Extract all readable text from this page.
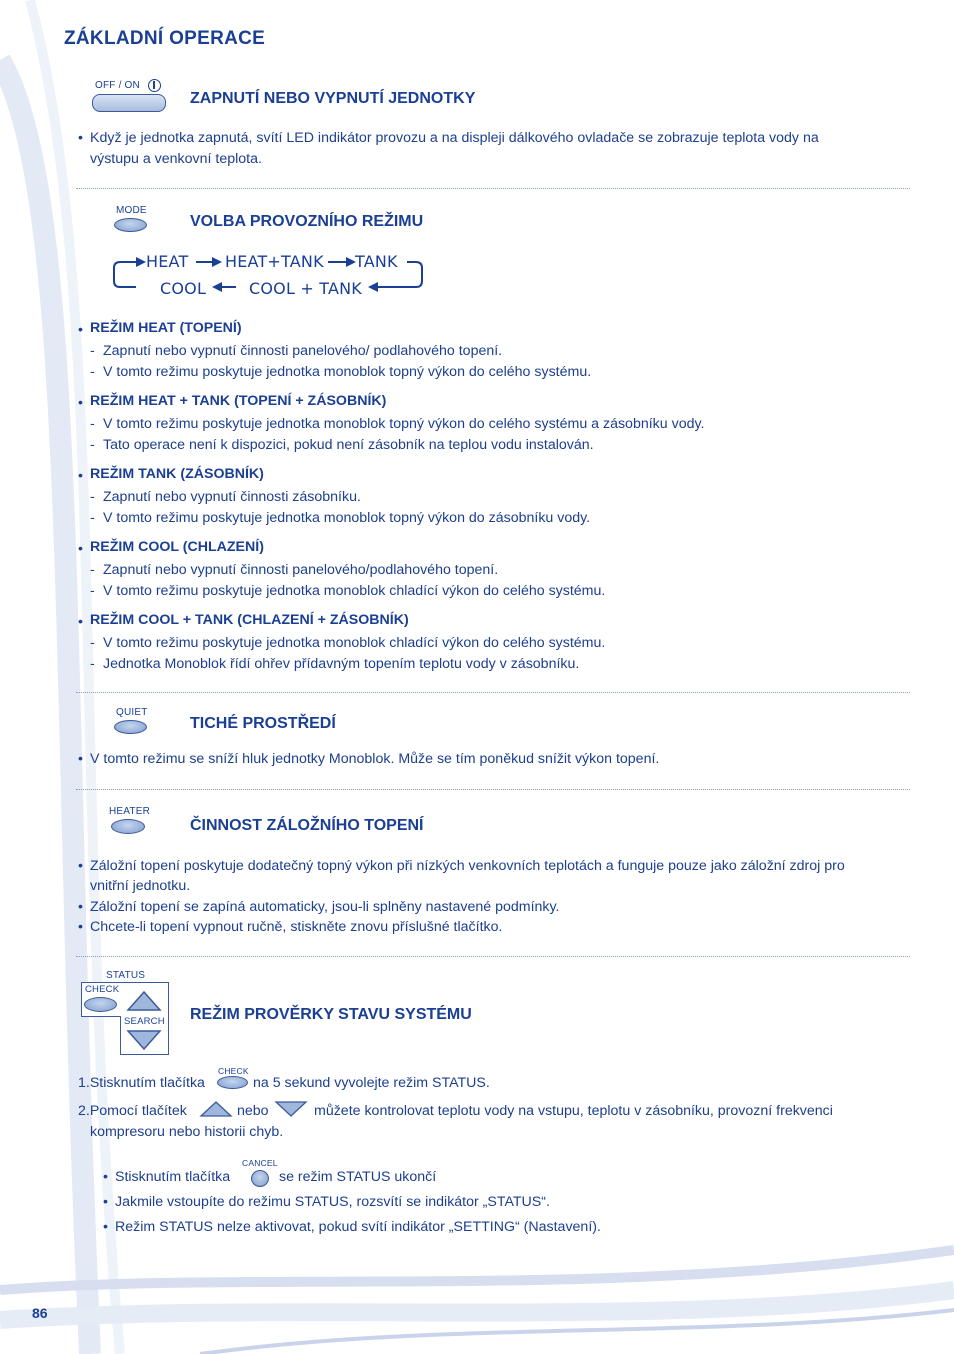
ZÁKLADNÍ OPERACE
OFF / ON
ZAPNUTÍ NEBO VYPNUTÍ JEDNOTKY
• Když je jednotka zapnutá, svítí LED indikátor provozu a na displeji dálkového ovladače se zobrazuje teplota vody na
výstupu a venkovní teplota.
MODE
VOLBA PROVOZNÍHO REŽIMU
HEAT HEAT+TANK TANK
COOL + TANK
COOL
• REŽIM HEAT (TOPENÍ)
- Zapnutí nebo vypnutí činnosti panelového/ podlahového topení.
- V tomto režimu poskytuje jednotka monoblok topný výkon do celého systému.
• REŽIM HEAT + TANK (TOPENÍ + ZÁSOBNÍK)
- V tomto režimu poskytuje jednotka monoblok topný výkon do celého systému a zásobníku vody.
- Tato operace není k dispozici, pokud není zásobník na teplou vodu instalován.
• REŽIM TANK (ZÁSOBNÍK)
- Zapnutí nebo vypnutí činnosti zásobníku.
- V tomto režimu poskytuje jednotka monoblok topný výkon do zásobníku vody.
• REŽIM COOL (CHLAZENÍ)
- Zapnutí nebo vypnutí činnosti panelového/podlahového topení.
- V tomto režimu poskytuje jednotka monoblok chladící výkon do celého systému.
• REŽIM COOL + TANK (CHLAZENÍ + ZÁSOBNÍK)
- V tomto režimu poskytuje jednotka monoblok chladící výkon do celého systému.
- Jednotka Monoblok řídí ohřev přídavným topením teplotu vody v zásobníku.
QUIET
TICHÉ PROSTŘEDÍ
• V tomto režimu se sníží hluk jednotky Monoblok. Může se tím poněkud snížit výkon topení.
HEATER
ČINNOST ZÁLOŽNÍHO TOPENÍ
• Záložní topení poskytuje dodatečný topný výkon při nízkých venkovních teplotách a funguje pouze jako záložní zdroj pro
vnitřní jednotku.
• Záložní topení se zapíná automaticky, jsou-li splněny nastavené podmínky.
• Chcete-li topení vypnout ručně, stiskněte znovu příslušné tlačítko.
STATUS
CHECK
SEARCH REŽIM PROVĚRKY STAVU SYSTÉMU
1.Stisknutím tlačítka
CHECK
na 5 sekund vyvolejte režim STATUS.
2.Pomocí tlačítek	nebo	můžete kontrolovat teplotu vody na vstupu, teplotu v zásobníku, provozní frekvenci
kompresoru nebo historii chyb.
• Stisknutím tlačítka
CANCEL
se režim STATUS ukončí
• Jakmile vstoupíte do režimu STATUS, rozsvítí se indikátor „STATUS“.
• Režim STATUS nelze aktivovat, pokud svítí indikátor „SETTING“ (Nastavení).
86
